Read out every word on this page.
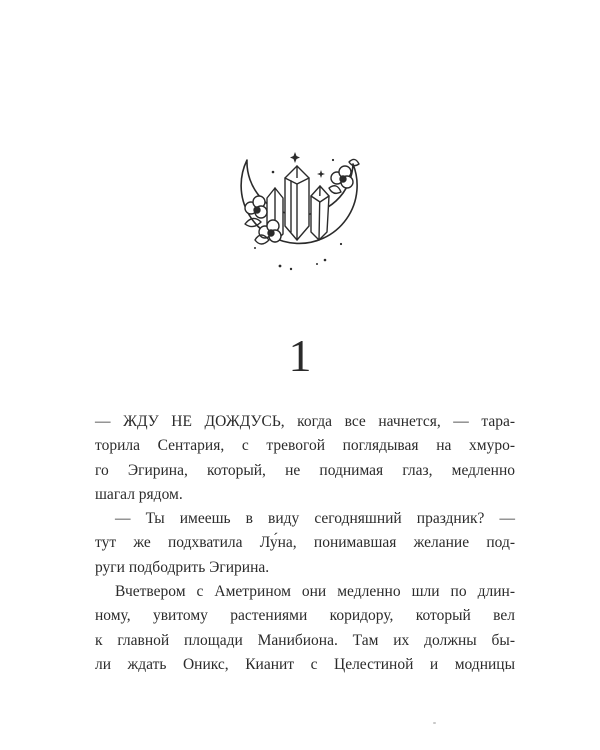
1

— ЖДУ НЕ ДОЖДУСЬ, когда все начнется, — тара-

торила Сентария, с тревогой поглядывая на хмуро-

го Эгирина, который, не поднимая глаз, медленно

шагал рядом.

— Ты имеешь в виду сегодняшний праздник? —

тут же подхватила Лу́на, понимавшая желание под-

руги подбодрить Эгирина.

Вчетвером с Аметрином они медленно шли по длин-

ному, увитому растениями коридору, который вел

к главной площади Манибиона. Там их должны бы-

ли ждать Оникс, Кианит с Целестиной и модницы
